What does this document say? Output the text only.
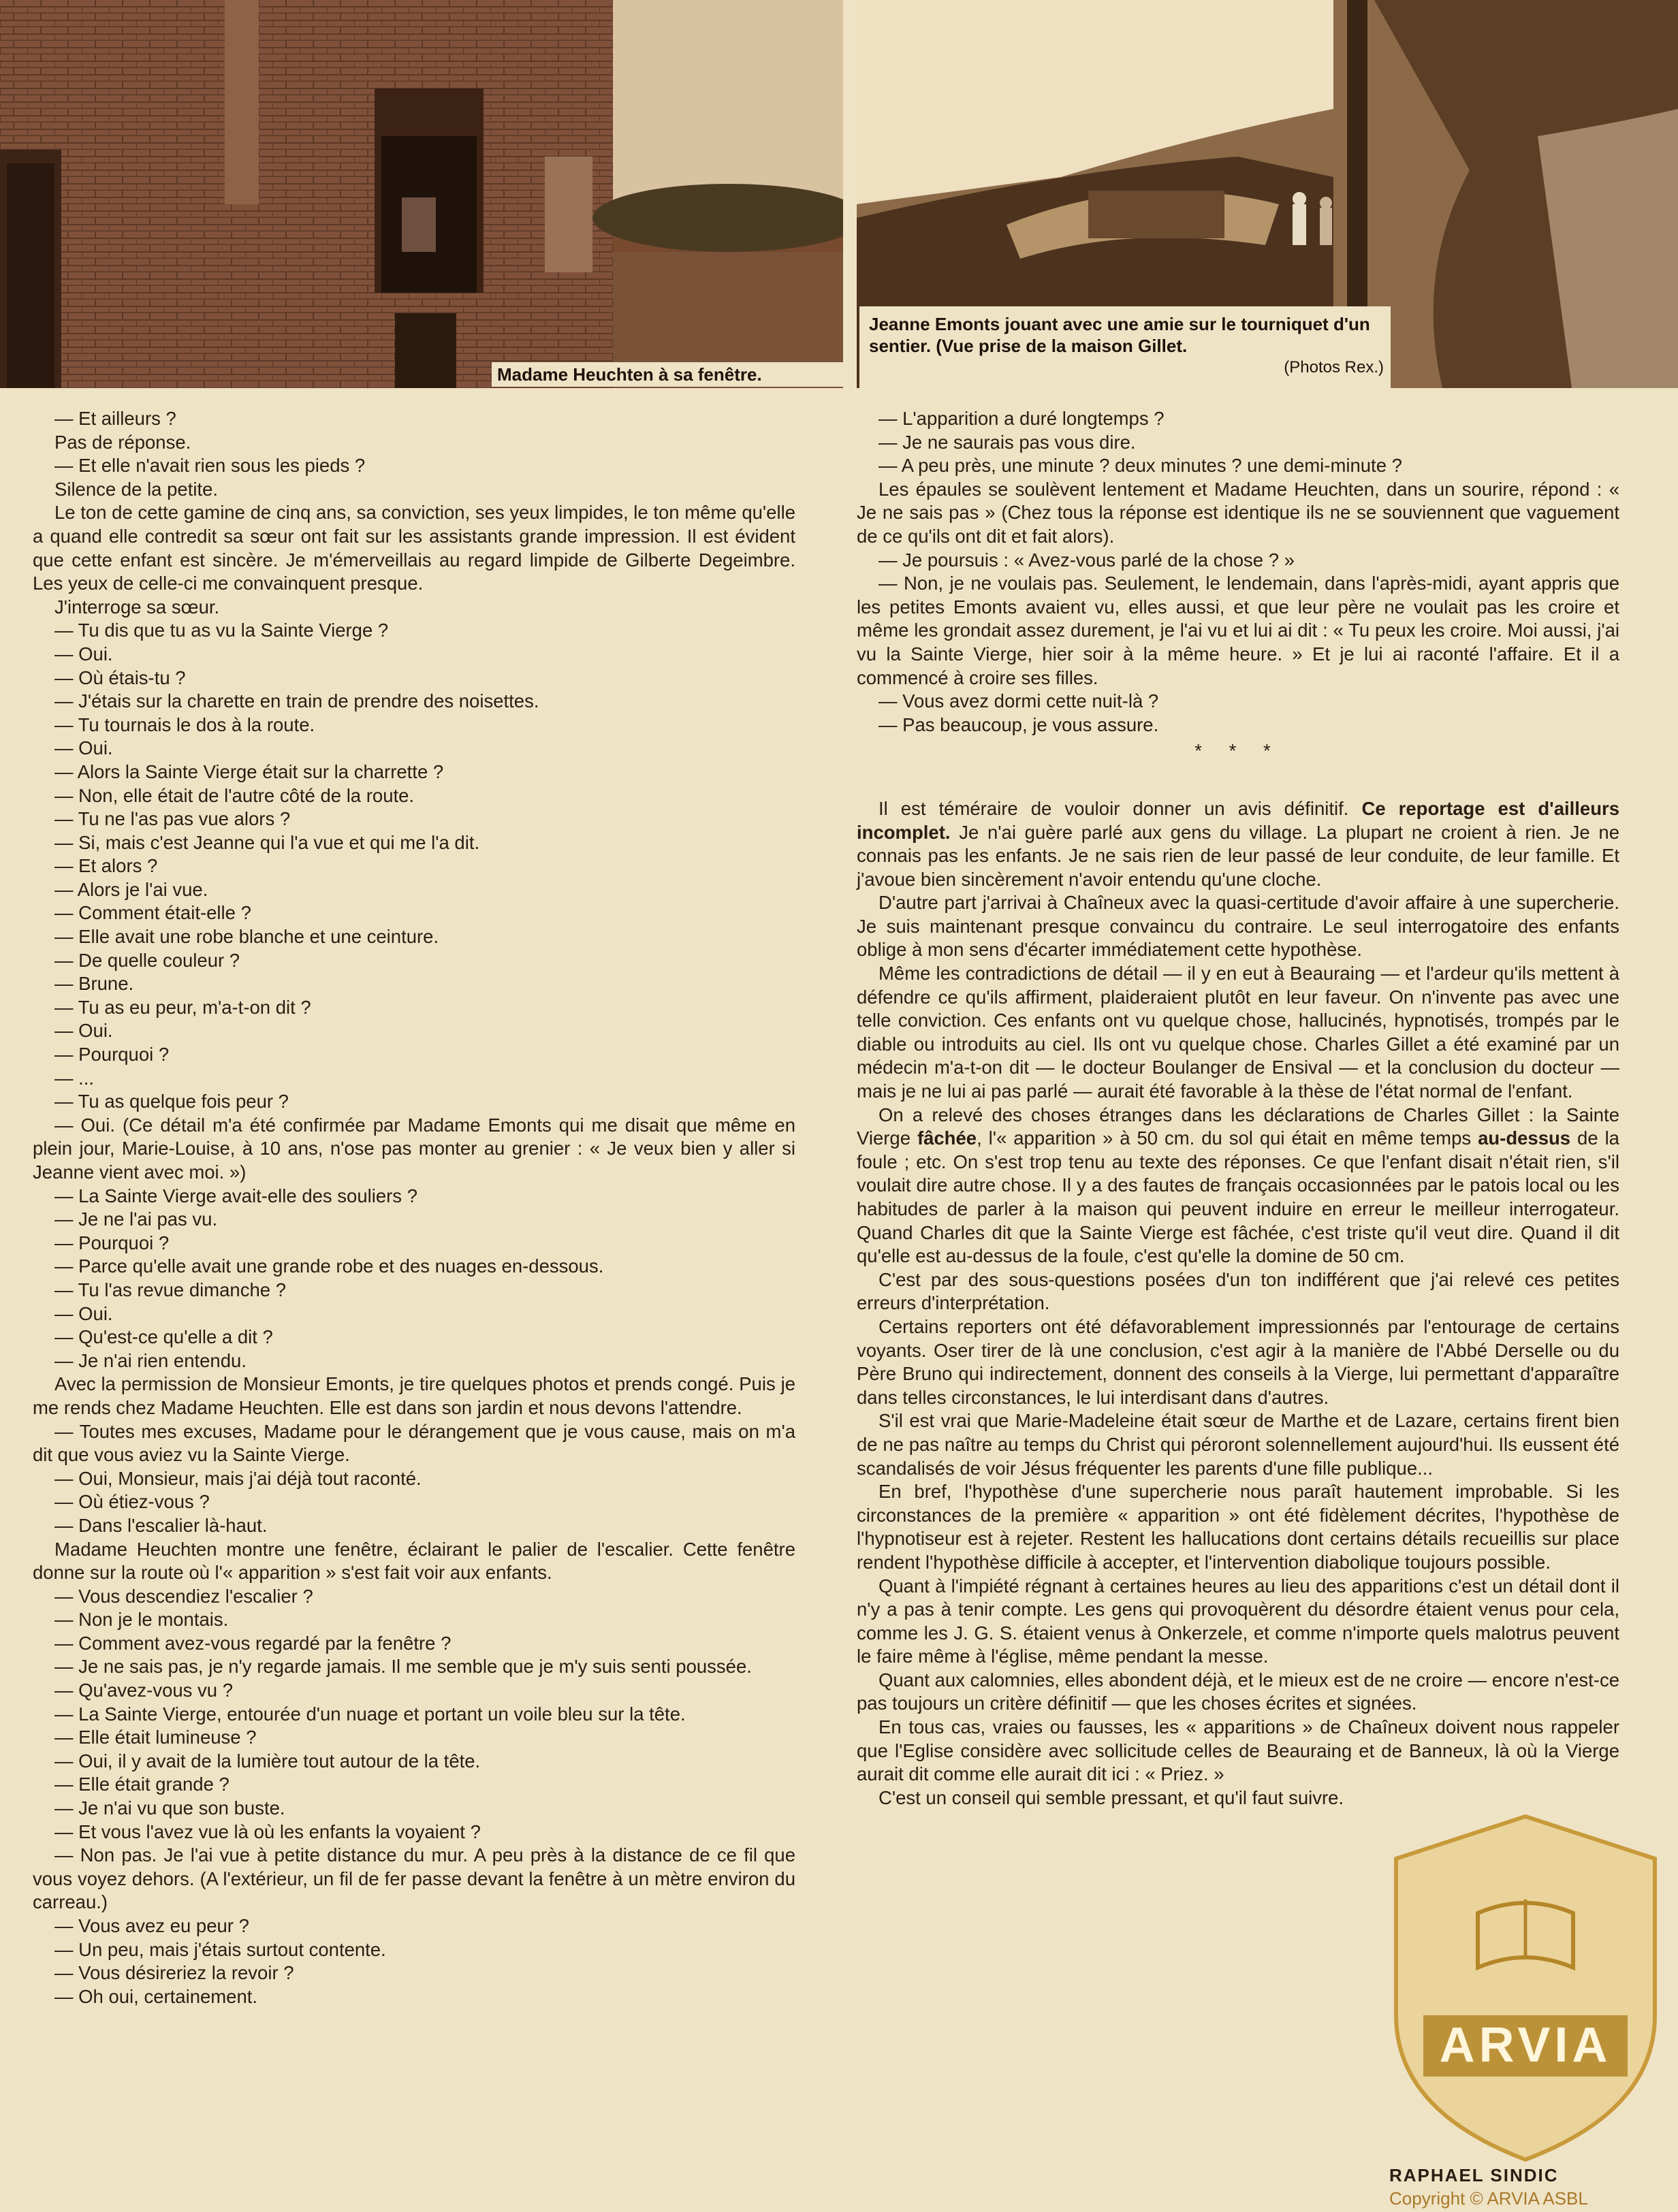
Madame Heuchten à sa fenêtre.
Jeanne Emonts jouant avec une amie sur le tourniquet d'un sentier. (Vue prise de la maison Gillet.
(Photos Rex.)

— Et ailleurs ?

Pas de réponse.

— Et elle n'avait rien sous les pieds ?

Silence de la petite.

Le ton de cette gamine de cinq ans, sa conviction, ses yeux limpides, le ton même qu'elle a quand elle contredit sa sœur ont fait sur les assistants grande impression. Il est évident que cette enfant est sincère. Je m'émerveillais au regard limpide de Gilberte Degeimbre. Les yeux de celle-ci me convainquent presque.

J'interroge sa sœur.

— Tu dis que tu as vu la Sainte Vierge ?

— Oui.

— Où étais-tu ?

— J'étais sur la charette en train de prendre des noisettes.

— Tu tournais le dos à la route.

— Oui.

— Alors la Sainte Vierge était sur la charrette ?

— Non, elle était de l'autre côté de la route.

— Tu ne l'as pas vue alors ?

— Si, mais c'est Jeanne qui l'a vue et qui me l'a dit.

— Et alors ?

— Alors je l'ai vue.

— Comment était-elle ?

— Elle avait une robe blanche et une ceinture.

— De quelle couleur ?

— Brune.

— Tu as eu peur, m'a-t-on dit ?

— Oui.

— Pourquoi ?

— ...

— Tu as quelque fois peur ?

— Oui. (Ce détail m'a été confirmée par Madame Emonts qui me disait que même en plein jour, Marie-Louise, à 10 ans, n'ose pas monter au grenier : « Je veux bien y aller si Jeanne vient avec moi. »)

— La Sainte Vierge avait-elle des souliers ?

— Je ne l'ai pas vu.

— Pourquoi ?

— Parce qu'elle avait une grande robe et des nuages en-dessous.

— Tu l'as revue dimanche ?

— Oui.

— Qu'est-ce qu'elle a dit ?

— Je n'ai rien entendu.

Avec la permission de Monsieur Emonts, je tire quelques photos et prends congé. Puis je me rends chez Madame Heuchten. Elle est dans son jardin et nous devons l'attendre.

— Toutes mes excuses, Madame pour le dérangement que je vous cause, mais on m'a dit que vous aviez vu la Sainte Vierge.

— Oui, Monsieur, mais j'ai déjà tout raconté.

— Où étiez-vous ?

— Dans l'escalier là-haut.

Madame Heuchten montre une fenêtre, éclairant le palier de l'escalier. Cette fenêtre donne sur la route où l'« apparition » s'est fait voir aux enfants.

— Vous descendiez l'escalier ?

— Non je le montais.

— Comment avez-vous regardé par la fenêtre ?

— Je ne sais pas, je n'y regarde jamais. Il me semble que je m'y suis senti poussée.

— Qu'avez-vous vu ?

— La Sainte Vierge, entourée d'un nuage et portant un voile bleu sur la tête.

— Elle était lumineuse ?

— Oui, il y avait de la lumière tout autour de la tête.

— Elle était grande ?

— Je n'ai vu que son buste.

— Et vous l'avez vue là où les enfants la voyaient ?

— Non pas. Je l'ai vue à petite distance du mur. A peu près à la distance de ce fil que vous voyez dehors. (A l'extérieur, un fil de fer passe devant la fenêtre à un mètre environ du carreau.)

— Vous avez eu peur ?

— Un peu, mais j'étais surtout contente.

— Vous désireriez la revoir ?

— Oh oui, certainement.

— L'apparition a duré longtemps ?

— Je ne saurais pas vous dire.

— A peu près, une minute ? deux minutes ? une demi-minute ?

Les épaules se soulèvent lentement et Madame Heuchten, dans un sourire, répond : « Je ne sais pas » (Chez tous la réponse est identique ils ne se souviennent que vaguement de ce qu'ils ont dit et fait alors).

— Je poursuis : « Avez-vous parlé de la chose ? »

— Non, je ne voulais pas. Seulement, le lendemain, dans l'après-midi, ayant appris que les petites Emonts avaient vu, elles aussi, et que leur père ne voulait pas les croire et même les grondait assez durement, je l'ai vu et lui ai dit : « Tu peux les croire. Moi aussi, j'ai vu la Sainte Vierge, hier soir à la même heure. » Et je lui ai raconté l'affaire. Et il a commencé à croire ses filles.

— Vous avez dormi cette nuit-là ?

— Pas beaucoup, je vous assure.

* * *

Il est téméraire de vouloir donner un avis définitif. Ce reportage est d'ailleurs incomplet. Je n'ai guère parlé aux gens du village. La plupart ne croient à rien. Je ne connais pas les enfants. Je ne sais rien de leur passé de leur conduite, de leur famille. Et j'avoue bien sincèrement n'avoir entendu qu'une cloche.

D'autre part j'arrivai à Chaîneux avec la quasi-certitude d'avoir affaire à une supercherie. Je suis maintenant presque convaincu du contraire. Le seul interrogatoire des enfants oblige à mon sens d'écarter immédiatement cette hypothèse.

Même les contradictions de détail — il y en eut à Beauraing — et l'ardeur qu'ils mettent à défendre ce qu'ils affirment, plaideraient plutôt en leur faveur. On n'invente pas avec une telle conviction. Ces enfants ont vu quelque chose, hallucinés, hypnotisés, trompés par le diable ou introduits au ciel. Ils ont vu quelque chose. Charles Gillet a été examiné par un médecin m'a-t-on dit — le docteur Boulanger de Ensival — et la conclusion du docteur — mais je ne lui ai pas parlé — aurait été favorable à la thèse de l'état normal de l'enfant.

On a relevé des choses étranges dans les déclarations de Charles Gillet : la Sainte Vierge fâchée, l'« apparition » à 50 cm. du sol qui était en même temps au-dessus de la foule ; etc. On s'est trop tenu au texte des réponses. Ce que l'enfant disait n'était rien, s'il voulait dire autre chose. Il y a des fautes de français occasionnées par le patois local ou les habitudes de parler à la maison qui peuvent induire en erreur le meilleur interrogateur. Quand Charles dit que la Sainte Vierge est fâchée, c'est triste qu'il veut dire. Quand il dit qu'elle est au-dessus de la foule, c'est qu'elle la domine de 50 cm.

C'est par des sous-questions posées d'un ton indifférent que j'ai relevé ces petites erreurs d'interprétation.

Certains reporters ont été défavorablement impressionnés par l'entourage de certains voyants. Oser tirer de là une conclusion, c'est agir à la manière de l'Abbé Derselle ou du Père Bruno qui indirectement, donnent des conseils à la Vierge, lui permettant d'apparaître dans telles circonstances, le lui interdisant dans d'autres.

S'il est vrai que Marie-Madeleine était sœur de Marthe et de Lazare, certains firent bien de ne pas naître au temps du Christ qui péroront solennellement aujourd'hui. Ils eussent été scandalisés de voir Jésus fréquenter les parents d'une fille publique...

En bref, l'hypothèse d'une supercherie nous paraît hautement improbable. Si les circonstances de la première « apparition » ont été fidèlement décrites, l'hypothèse de l'hypnotiseur est à rejeter. Restent les hallucations dont certains détails recueillis sur place rendent l'hypothèse difficile à accepter, et l'intervention diabolique toujours possible.

Quant à l'impiété régnant à certaines heures au lieu des apparitions c'est un détail dont il n'y a pas à tenir compte. Les gens qui provoquèrent du désordre étaient venus pour cela, comme les J. G. S. étaient venus à Onkerzele, et comme n'importe quels malotrus peuvent le faire même à l'église, même pendant la messe.

Quant aux calomnies, elles abondent déjà, et le mieux est de ne croire — encore n'est-ce pas toujours un critère définitif — que les choses écrites et signées.

En tous cas, vraies ou fausses, les « apparitions » de Chaîneux doivent nous rappeler que l'Eglise considère avec sollicitude celles de Beauraing et de Banneux, là où la Vierge aurait dit comme elle aurait dit ici : « Priez. »

C'est un conseil qui semble pressant, et qu'il faut suivre.

ARVIA
RAPHAEL SINDIC
Copyright © ARVIA ASBL
